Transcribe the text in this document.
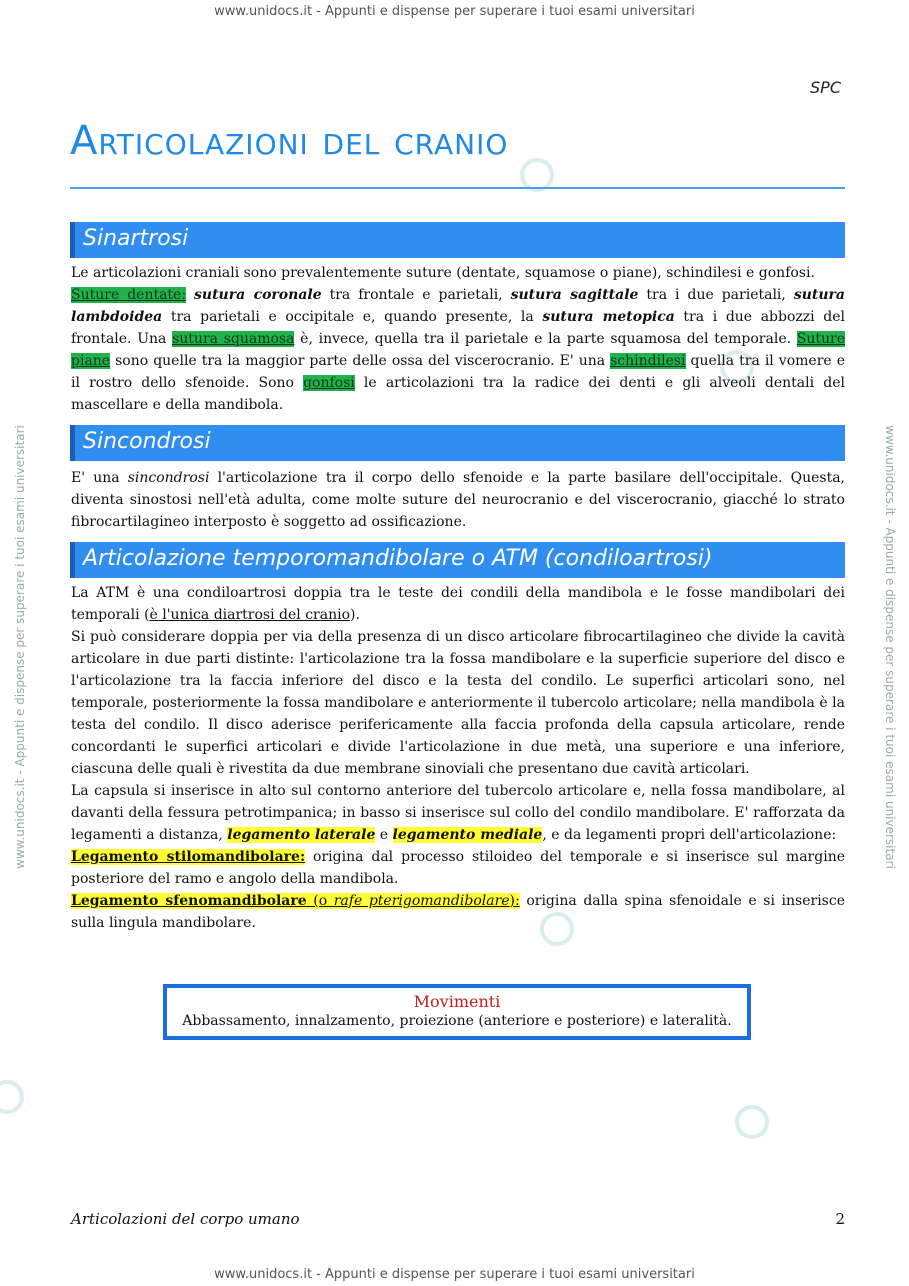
www.unidocs.it - Appunti e dispense per superare i tuoi esami universitari
www.unidocs.it - Appunti e dispense per superare i tuoi esami universitari	www.unidocs.it - Appunti e dispense per superare i tuoi esami universitari
SPC
Articolazioni del cranio
Sinartrosi
Le articolazioni craniali sono prevalentemente suture (dentate, squamose o piane), schindilesi e gonfosi.
Suture dentate: sutura coronale tra frontale e parietali, sutura sagittale tra i due parietali, sutura lambdoidea tra parietali e occipitale e, quando presente, la sutura metopica tra i due abbozzi del frontale. Una sutura squamosa è, invece, quella tra il parietale e la parte squamosa del temporale. Suture piane sono quelle tra la maggior parte delle ossa del viscerocranio. E' una schindilesi quella tra il vomere e il rostro dello sfenoide. Sono gonfosi le articolazioni tra la radice dei denti e gli alveoli dentali del mascellare e della mandibola.
Sincondrosi
E' una sincondrosi l'articolazione tra il corpo dello sfenoide e la parte basilare dell'occipitale. Questa, diventa sinostosi nell'età adulta, come molte suture del neurocranio e del viscerocranio, giacché lo strato fibrocartilagineo interposto è soggetto ad ossificazione.
Articolazione temporomandibolare o ATM (condiloartrosi)
La ATM è una condiloartrosi doppia tra le teste dei condili della mandibola e le fosse mandibolari dei temporali (è l'unica diartrosi del cranio).
Si può considerare doppia per via della presenza di un disco articolare fibrocartilagineo che divide la cavità articolare in due parti distinte: l'articolazione tra la fossa mandibolare e la superficie superiore del disco e l'articolazione tra la faccia inferiore del disco e la testa del condilo. Le superfici articolari sono, nel temporale, posteriormente la fossa mandibolare e anteriormente il tubercolo articolare; nella mandibola è la testa del condilo. Il disco aderisce perifericamente alla faccia profonda della capsula articolare, rende concordanti le superfici articolari e divide l'articolazione in due metà, una superiore e una inferiore, ciascuna delle quali è rivestita da due membrane sinoviali che presentano due cavità articolari.
La capsula si inserisce in alto sul contorno anteriore del tubercolo articolare e, nella fossa mandibolare, al davanti della fessura petrotimpanica; in basso si inserisce sul collo del condilo mandibolare. E' rafforzata da legamenti a distanza, legamento laterale e legamento mediale, e da legamenti propri dell'articolazione:
Legamento stilomandibolare: origina dal processo stiloideo del temporale e si inserisce sul margine posteriore del ramo e angolo della mandibola.
Legamento sfenomandibolare (o rafe pterigomandibolare): origina dalla spina sfenoidale e si inserisce sulla lingula mandibolare.
Movimenti
Abbassamento, innalzamento, proiezione (anteriore e posteriore) e lateralità.
Articolazioni del corpo umano	2
www.unidocs.it - Appunti e dispense per superare i tuoi esami universitari
